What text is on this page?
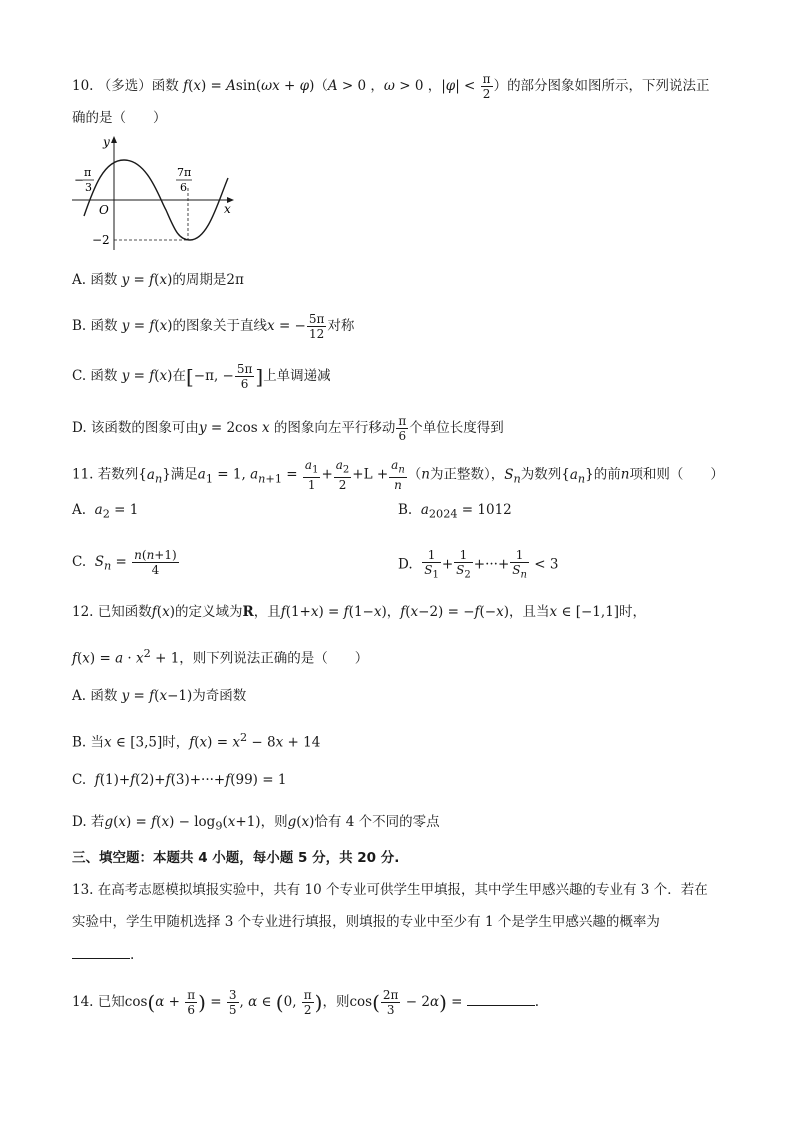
10. （多选）函数 f(x) = Asin(ωx + φ)（A > 0 ，ω > 0 ，$|\varphi| < \frac{\pi}{2}$ ）的部分图象如图所示，下列说法正
确的是（　　）
y
x
O
−
π
3
7π
6
−2
A. 函数 y = f(x)的周期是2π
B. 函数 y = f(x)的图象关于直线x = − $\frac{5\pi}{12}$ 对称
C. 函数 y = f(x)在[−π, − $\frac{5\pi}{6}$ ]上单调递减
D. 该函数的图象可由y = 2cos x 的图象向左平行移动 $\frac{\pi}{6}$ 个单位长度得到
11. 若数列$\{a_n\}$满足$a_1 = 1$, $a_{n+1} = \frac{a_1}{1} + \frac{a_2}{2} +L + \frac{a_n}{n} (n$为正整数），$S_n$为数列$\{a_n\}$的前n项和则（　　）
A. $a_2 = 1$	B. $a_{2024} = 1012$
C. $S_n = \frac{n(n+1)}{4}$	D. $\frac{1}{S_1} + \frac{1}{S_2}$ +···+ $\frac{1}{S_n} < 3$
12. 已知函数f(x)的定义域为R，且f(1+x) = f(1−x)，f(x−2) = −f(−x)，且当x ∈ [−1,1]时，
$f(x) = a \cdot x^2 + 1$，则下列说法正确的是（　　）
A. 函数 y = f(x−1)为奇函数
B. 当x ∈ [3,5]时，$f(x) = x^2 - 8x + 14$
C. f(1)+f(2)+f(3)+···+f(99) = 1
D. 若$g(x) = f(x) - \log_9(x+1)$，则g(x)恰有 4 个不同的零点
三、填空题：本题共 4 小题，每小题 5 分，共 20 分.
13. 在高考志愿模拟填报实验中，共有 10 个专业可供学生甲填报，其中学生甲感兴趣的专业有 3 个．若在
实验中，学生甲随机选择 3 个专业进行填报，则填报的专业中至少有 1 个是学生甲感兴趣的概率为
.
14. 已知$\cos(\alpha + \frac{\pi}{6}$ ) = $\frac{3}{5}$ , α ∈ (0, $\frac{\pi}{2}$ )，则$\cos( \frac{2\pi}{3} - 2\alpha)$ =	.
